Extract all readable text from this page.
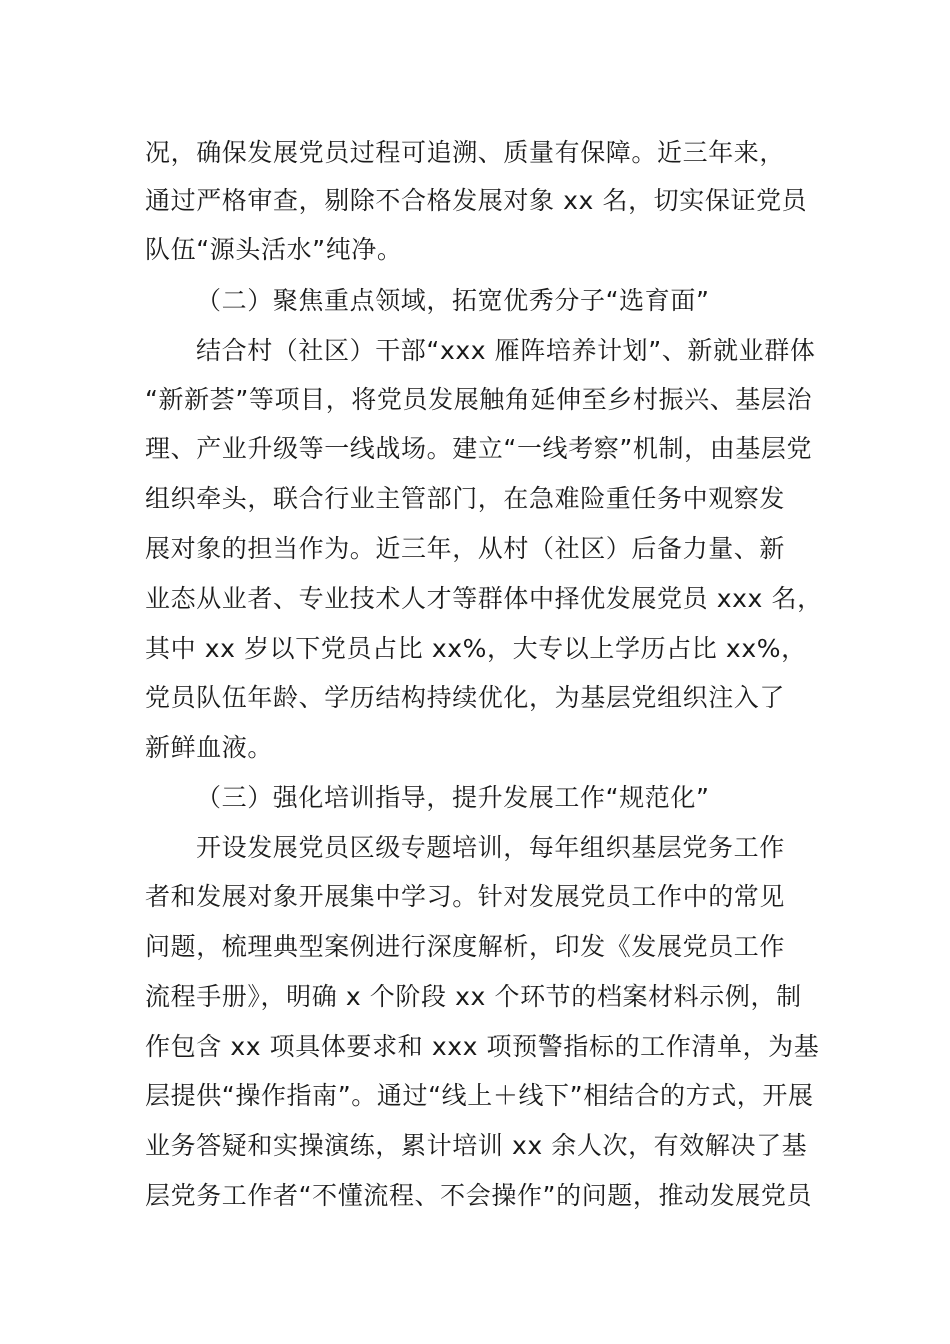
况，确保发展党员过程可追溯、质量有保障。近三年来，
通过严格审查，剔除不合格发展对象 xx 名，切实保证党员
队伍“源头活水”纯净。
（二）聚焦重点领域，拓宽优秀分子“选育面”
结合村（社区）干部“xxx 雁阵培养计划”、新就业群体
“新新荟”等项目，将党员发展触角延伸至乡村振兴、基层治
理、产业升级等一线战场。建立“一线考察”机制，由基层党
组织牵头，联合行业主管部门，在急难险重任务中观察发
展对象的担当作为。近三年，从村（社区）后备力量、新
业态从业者、专业技术人才等群体中择优发展党员 xxx 名，
其中 xx 岁以下党员占比 xx%，大专以上学历占比 xx%，
党员队伍年龄、学历结构持续优化，为基层党组织注入了
新鲜血液。
（三）强化培训指导，提升发展工作“规范化”
开设发展党员区级专题培训，每年组织基层党务工作
者和发展对象开展集中学习。针对发展党员工作中的常见
问题，梳理典型案例进行深度解析，印发《发展党员工作
流程手册》，明确 x 个阶段 xx 个环节的档案材料示例，制
作包含 xx 项具体要求和 xxx 项预警指标的工作清单，为基
层提供“操作指南”。通过“线上＋线下”相结合的方式，开展
业务答疑和实操演练，累计培训 xx 余人次，有效解决了基
层党务工作者“不懂流程、不会操作”的问题，推动发展党员
